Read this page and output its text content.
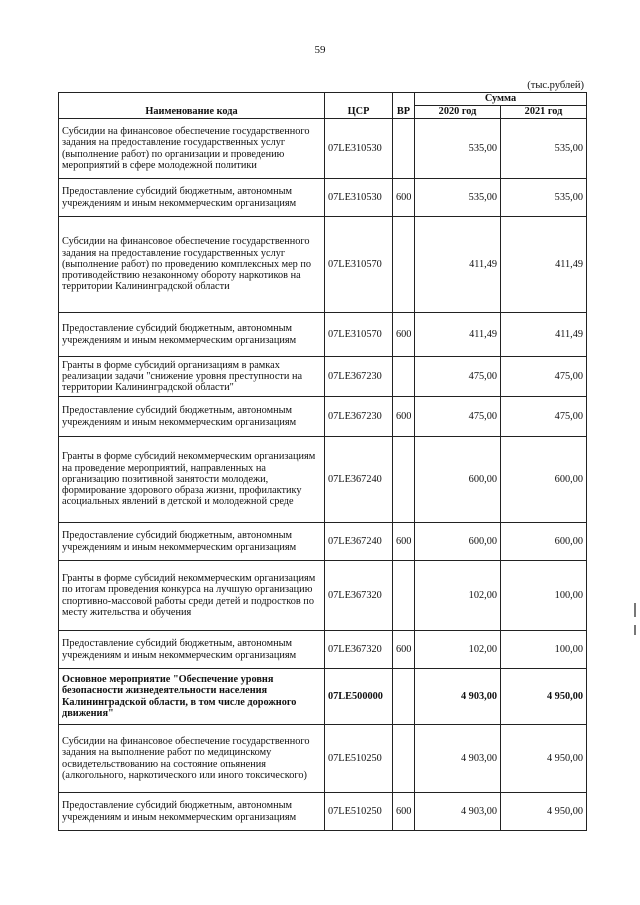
59
(тыс.рублей)
Наименование кода	ЦСР	ВР	Сумма	
			2020 год	2021 год
Субсидии на финансовое обеспечение государственного задания на предоставление государственных услуг (выполнение работ) по организации и проведению мероприятий в сфере молодежной политики	07LE310530		535,00	535,00
Предоставление субсидий бюджетным, автономным учреждениям и иным некоммерческим организациям	07LE310530	600	535,00	535,00
Субсидии на финансовое обеспечение государственного задания на предоставление государственных услуг (выполнение работ) по проведению комплексных мер по противодействию незаконному обороту наркотиков на территории Калининградской области	07LE310570		411,49	411,49
Предоставление субсидий бюджетным, автономным учреждениям и иным некоммерческим организациям	07LE310570	600	411,49	411,49
Гранты в форме субсидий организациям в рамках реализации задачи "снижение уровня преступности на территории Калининградской области"	07LE367230		475,00	475,00
Предоставление субсидий бюджетным, автономным учреждениям и иным некоммерческим организациям	07LE367230	600	475,00	475,00
Гранты в форме субсидий некоммерческим организациям на проведение мероприятий, направленных на организацию позитивной занятости молодежи, формирование здорового образа жизни, профилактику асоциальных явлений в детской и молодежной среде	07LE367240		600,00	600,00
Предоставление субсидий бюджетным, автономным учреждениям и иным некоммерческим организациям	07LE367240	600	600,00	600,00
Гранты в форме субсидий некоммерческим организациям по итогам проведения конкурса на лучшую организацию спортивно-массовой работы среди детей и подростков по месту жительства и обучения	07LE367320		102,00	100,00
Предоставление субсидий бюджетным, автономным учреждениям и иным некоммерческим организациям	07LE367320	600	102,00	100,00
Основное мероприятие "Обеспечение уровня безопасности жизнедеятельности населения Калининградской области, в том числе дорожного движения"	07LE500000		4 903,00	4 950,00
Субсидии на финансовое обеспечение государственного задания на выполнение работ по медицинскому освидетельствованию на состояние опьянения (алкогольного, наркотического или иного токсического)	07LE510250		4 903,00	4 950,00
Предоставление субсидий бюджетным, автономным учреждениям и иным некоммерческим организациям	07LE510250	600	4 903,00	4 950,00
